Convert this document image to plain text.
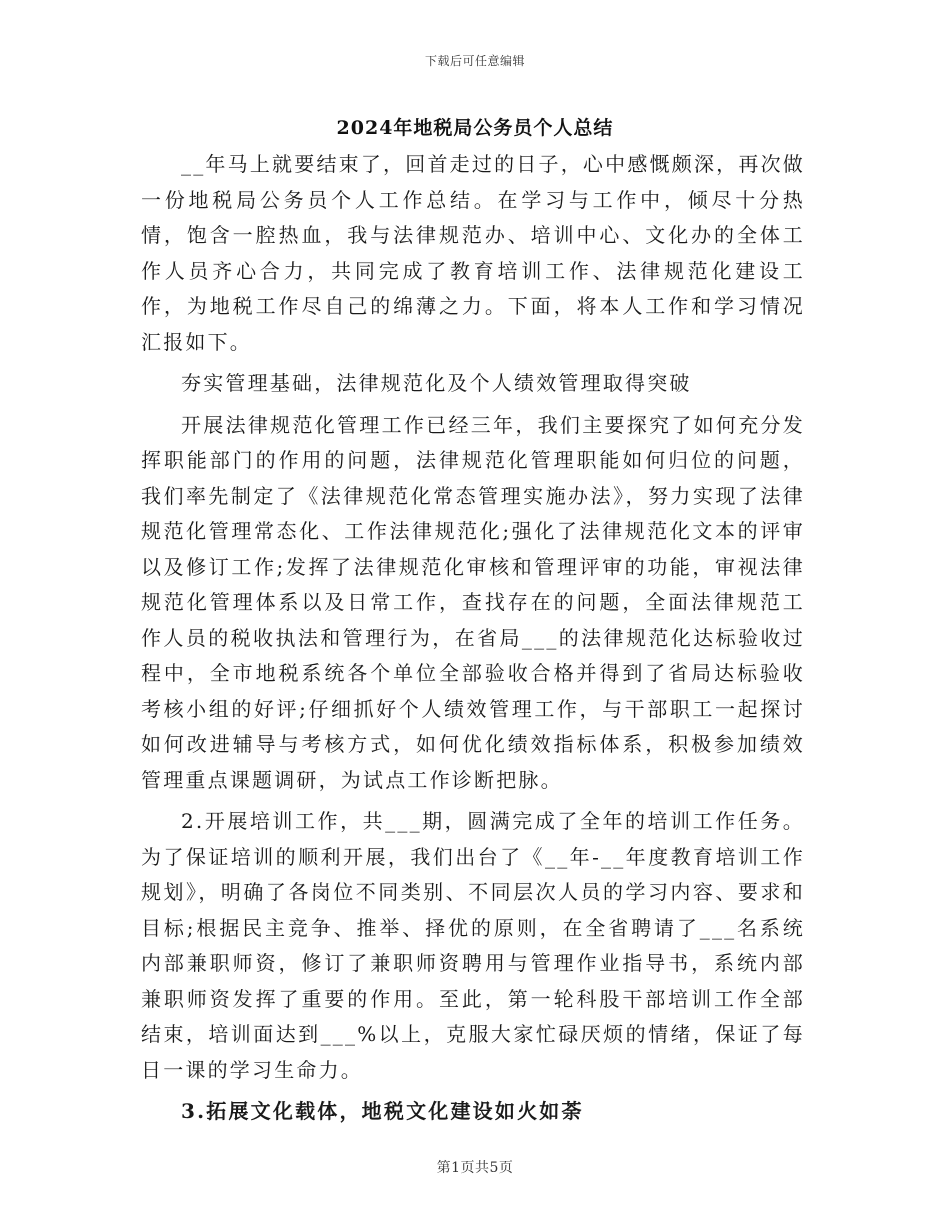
下载后可任意编辑
2024年地税局公务员个人总结

__年马上就要结束了，回首走过的日子，心中感慨颇深，再次做一份地税局公务员个人工作总结。在学习与工作中，倾尽十分热情，饱含一腔热血，我与法律规范办、培训中心、文化办的全体工作人员齐心合力，共同完成了教育培训工作、法律规范化建设工作，为地税工作尽自己的绵薄之力。下面，将本人工作和学习情况汇报如下。

夯实管理基础，法律规范化及个人绩效管理取得突破

开展法律规范化管理工作已经三年，我们主要探究了如何充分发挥职能部门的作用的问题，法律规范化管理职能如何归位的问题，我们率先制定了《法律规范化常态管理实施办法》，努力实现了法律规范化管理常态化、工作法律规范化;强化了法律规范化文本的评审以及修订工作;发挥了法律规范化审核和管理评审的功能，审视法律规范化管理体系以及日常工作，查找存在的问题，全面法律规范工作人员的税收执法和管理行为，在省局___的法律规范化达标验收过程中，全市地税系统各个单位全部验收合格并得到了省局达标验收考核小组的好评;仔细抓好个人绩效管理工作，与干部职工一起探讨如何改进辅导与考核方式，如何优化绩效指标体系，积极参加绩效管理重点课题调研，为试点工作诊断把脉。

2.开展培训工作，共___期，圆满完成了全年的培训工作任务。为了保证培训的顺利开展，我们出台了《__年-__年度教育培训工作规划》，明确了各岗位不同类别、不同层次人员的学习内容、要求和目标;根据民主竞争、推举、择优的原则，在全省聘请了___名系统内部兼职师资，修订了兼职师资聘用与管理作业指导书，系统内部兼职师资发挥了重要的作用。至此，第一轮科股干部培训工作全部结束，培训面达到___%以上，克服大家忙碌厌烦的情绪，保证了每日一课的学习生命力。

3.拓展文化载体，地税文化建设如火如荼

第1页共5页
